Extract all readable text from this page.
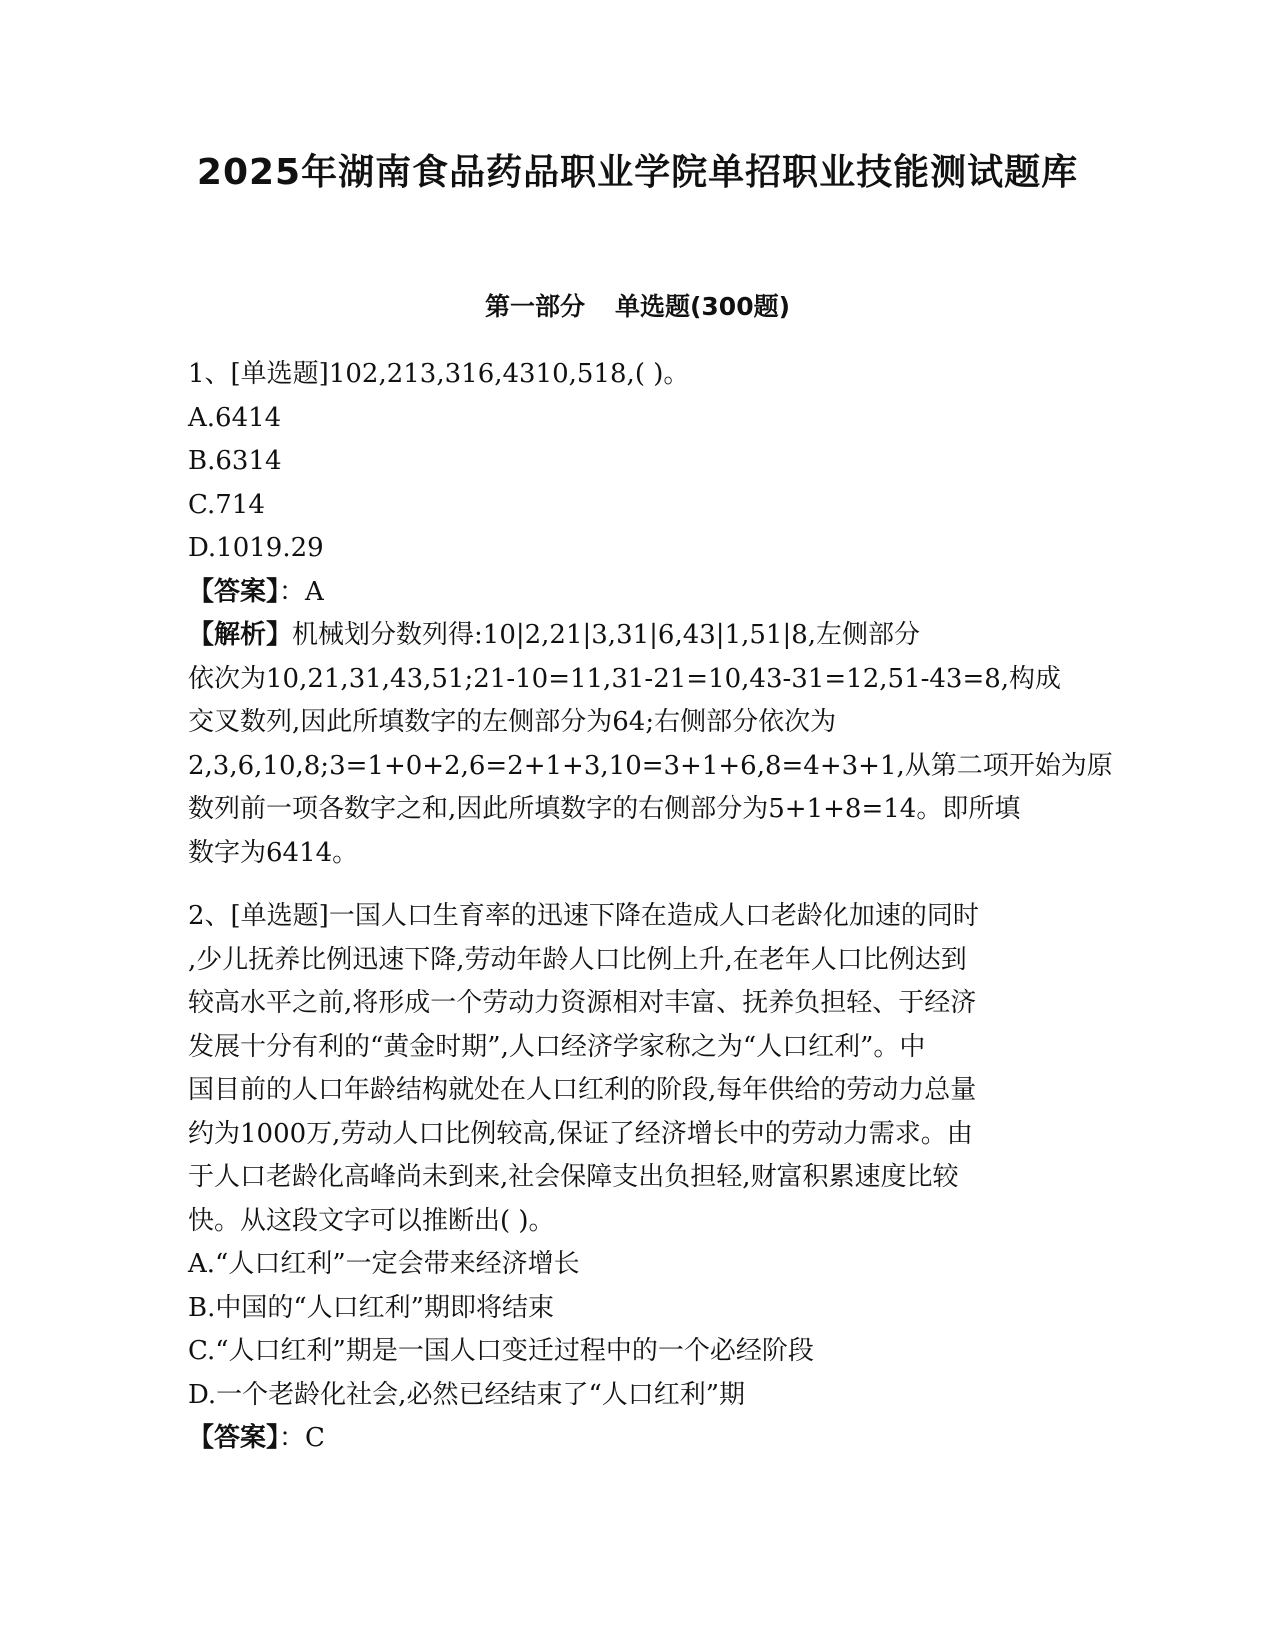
2025年湖南食品药品职业学院单招职业技能测试题库
第一部分 单选题(300题)
1、[单选题]102,213,316,4310,518,( )。
A.6414
B.6314
C.714
D.1019.29
【答案】：A
【解析】机械划分数列得:10|2,21|3,31|6,43|1,51|8,左侧部分
依次为10,21,31,43,51;21-10=11,31-21=10,43-31=12,51-43=8,构成
交叉数列,因此所填数字的左侧部分为64;右侧部分依次为
2,3,6,10,8;3=1+0+2,6=2+1+3,10=3+1+6,8=4+3+1,从第二项开始为原
数列前一项各数字之和,因此所填数字的右侧部分为5+1+8=14。即所填
数字为6414。
2、[单选题]一国人口生育率的迅速下降在造成人口老龄化加速的同时
,少儿抚养比例迅速下降,劳动年龄人口比例上升,在老年人口比例达到
较高水平之前,将形成一个劳动力资源相对丰富、抚养负担轻、于经济
发展十分有利的“黄金时期”,人口经济学家称之为“人口红利”。中
国目前的人口年龄结构就处在人口红利的阶段,每年供给的劳动力总量
约为1000万,劳动人口比例较高,保证了经济增长中的劳动力需求。由
于人口老龄化高峰尚未到来,社会保障支出负担轻,财富积累速度比较
快。从这段文字可以推断出( )。
A.“人口红利”一定会带来经济增长
B.中国的“人口红利”期即将结束
C.“人口红利”期是一国人口变迁过程中的一个必经阶段
D.一个老龄化社会,必然已经结束了“人口红利”期
【答案】：C
